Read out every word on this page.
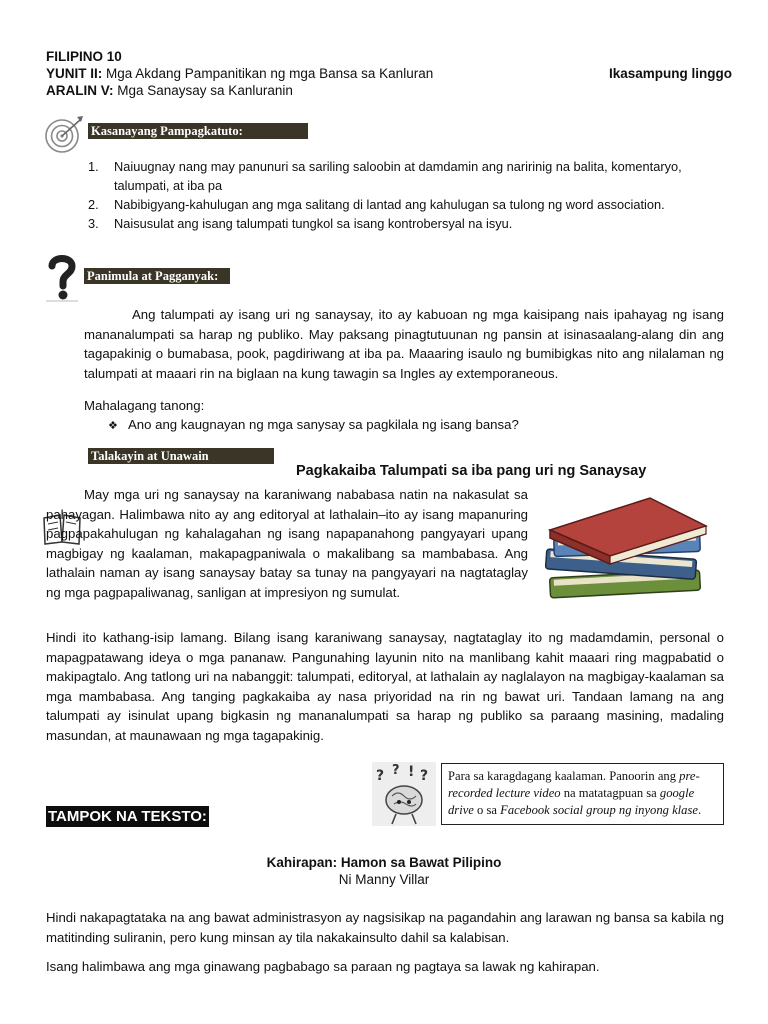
FILIPINO 10
YUNIT II: Mga Akdang Pampanitikan ng mga Bansa sa Kanluran
ARALIN V: Mga Sanaysay sa Kanluranin
Ikasampung linggo
Kasanayang Pampagkatuto:
1. Naiuugnay nang may panunuri sa sariling saloobin at damdamin ang naririnig na balita, komentaryo, talumpati, at iba pa
2. Nabibigyang-kahulugan ang mga salitang di lantad ang kahulugan sa tulong ng word association.
3. Naisusulat ang isang talumpati tungkol sa isang kontrobersyal na isyu.
Panimula at Pagganyak:
Ang talumpati ay isang uri ng sanaysay, ito ay kabuoan ng mga kaisipang nais ipahayag ng isang mananalumpati sa harap ng publiko. May paksang pinagtutuunan ng pansin at isinasaalang-alang din ang tagapakinig o bumabasa, pook, pagdiriwang at iba pa. Maaaring isaulo ng bumibigkas nito ang nilalaman ng talumpati at maaari rin na biglaan na kung tawagin sa Ingles ay extemporaneous.
Mahalagang tanong:
❖ Ano ang kaugnayan ng mga sanysay sa pagkilala ng isang bansa?
Talakayin at Unawain
Pagkakaiba Talumpati sa iba pang uri ng Sanaysay
May mga uri ng sanaysay na karaniwang nababasa natin na nakasulat sa pahayagan. Halimbawa nito ay ang editoryal at lathalain–ito ay isang mapanuring pagpapakahulugan ng kahalagahan ng isang napapanahong pangyayari upang magbigay ng kaalaman, makapagpaniwala o makalibang sa mambabasa. Ang lathalain naman ay isang sanaysay batay sa tunay na pangyayari na nagtataglay ng mga pagpapaliwanag, sanligan at impresiyon ng sumulat.
Hindi ito kathang-isip lamang. Bilang isang karaniwang sanaysay, nagtataglay ito ng madamdamin, personal o mapagpatawang ideya o mga pananaw. Pangunahing layunin nito na manlibang kahit maaari ring magpabatid o makipagtalo. Ang tatlong uri na nabanggit: talumpati, editoryal, at lathalain ay naglalayon na magbigay-kaalaman sa mga mambabasa. Ang tanging pagkakaiba ay nasa priyoridad na rin ng bawat uri. Tandaan lamang na ang talumpati ay isinulat upang bigkasin ng mananalumpati sa harap ng publiko sa paraang masining, madaling masundan, at maunawaan ng mga tagapakinig.
? ? ! ?	Para sa karagdagang kaalaman. Panoorin ang pre-recorded lecture video na matatagpuan sa google drive o sa Facebook social group ng inyong klase.
TAMPOK NA TEKSTO:
Kahirapan: Hamon sa Bawat Pilipino
Ni Manny Villar
Hindi nakapagtataka na ang bawat administrasyon ay nagsisikap na pagandahin ang larawan ng bansa sa kabila ng matitinding suliranin, pero kung minsan ay tila nakakainsulto dahil sa kalabisan.
Isang halimbawa ang mga ginawang pagbabago sa paraan ng pagtaya sa lawak ng kahirapan.
